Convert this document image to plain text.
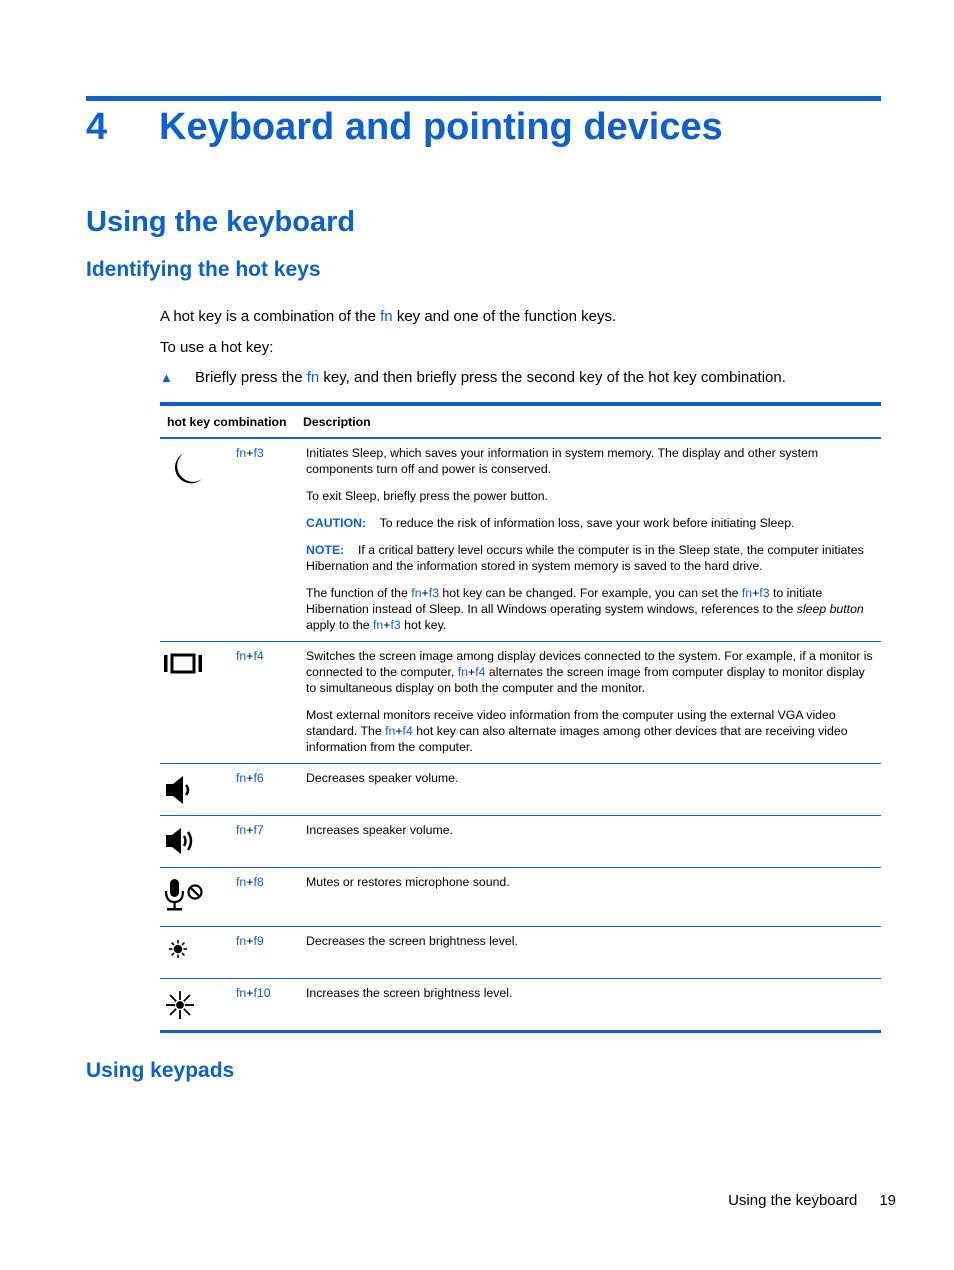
4 Keyboard and pointing devices
Using the keyboard
Identifying the hot keys
A hot key is a combination of the fn key and one of the function keys.
To use a hot key:
▲ Briefly press the fn key, and then briefly press the second key of the hot key combination.
hot key combination		Description

	fn+f3	Initiates Sleep, which saves your information in system memory. The display and other system components turn off and power is conserved.

To exit Sleep, briefly press the power button.

CAUTION: To reduce the risk of information loss, save your work before initiating Sleep.

NOTE: If a critical battery level occurs while the computer is in the Sleep state, the computer initiates Hibernation and the information stored in system memory is saved to the hard drive.

The function of the fn+f3 hot key can be changed. For example, you can set the fn+f3 to initiate Hibernation instead of Sleep. In all Windows operating system windows, references to the sleep button apply to the fn+f3 hot key.

	fn+f4	Switches the screen image among display devices connected to the system. For example, if a monitor is connected to the computer, fn+f4 alternates the screen image from computer display to monitor display to simultaneous display on both the computer and the monitor.

Most external monitors receive video information from the computer using the external VGA video standard. The fn+f4 hot key can also alternate images among other devices that are receiving video information from the computer.

	fn+f6	Decreases speaker volume.

	fn+f7	Increases speaker volume.

	fn+f8	Mutes or restores microphone sound.

	fn+f9	Decreases the screen brightness level.

	fn+f10	Increases the screen brightness level.
Using keypads
Using the keyboard 19
